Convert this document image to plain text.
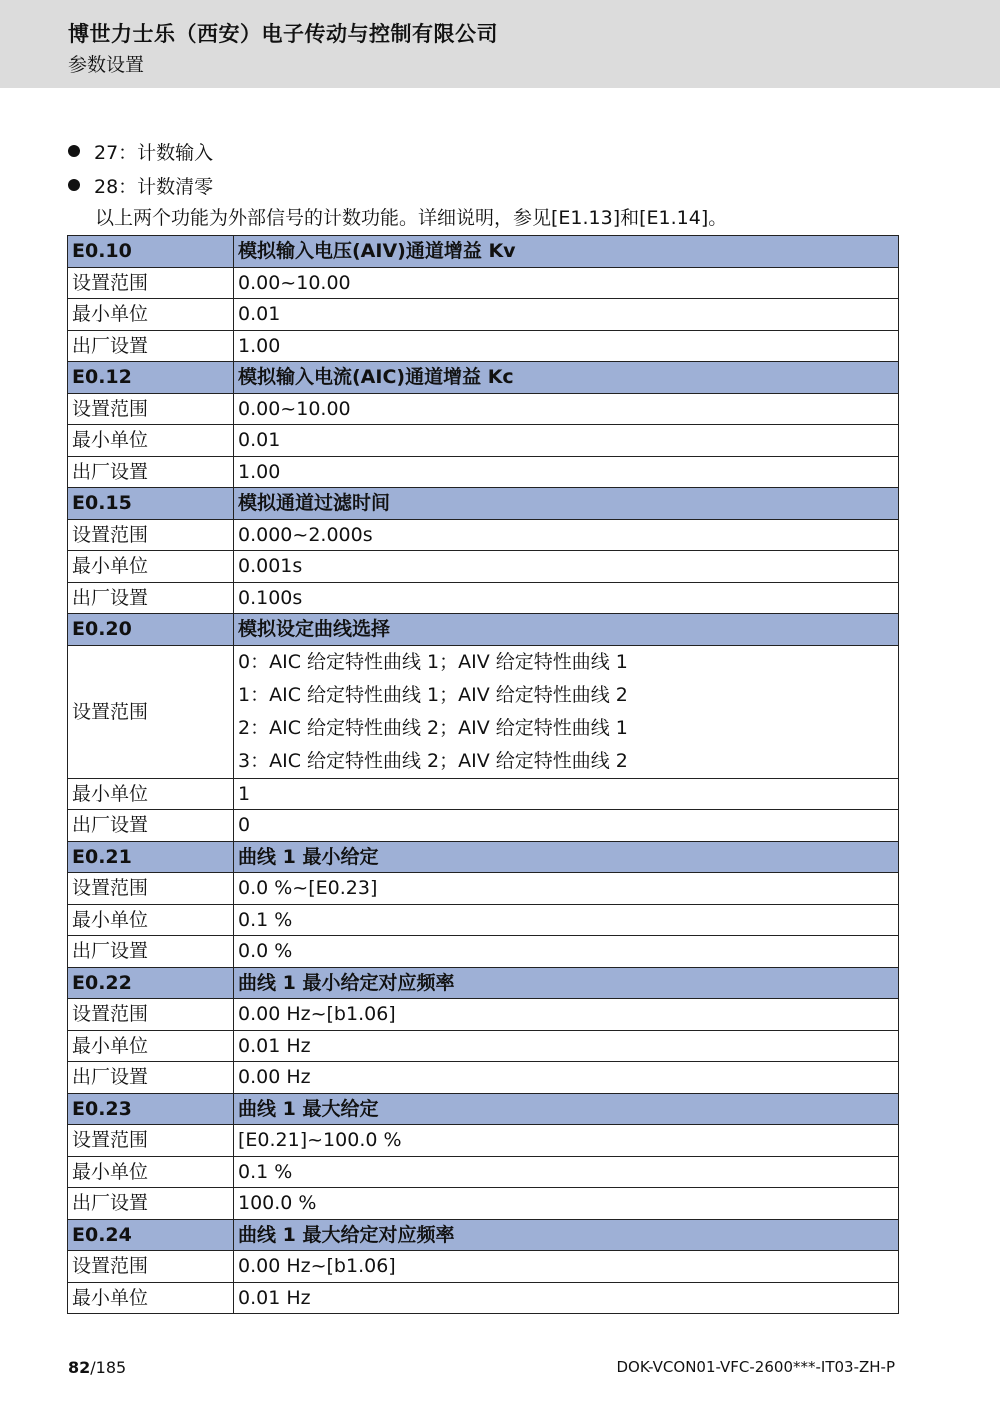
博世力士乐（西安）电子传动与控制有限公司
参数设置
27：计数输入
28：计数清零
以上两个功能为外部信号的计数功能。详细说明，参见[E1.13]和[E1.14]。
E0.10	模拟输入电压(AIV)通道增益 Kv
设置范围	0.00~10.00
最小单位	0.01
出厂设置	1.00
E0.12	模拟输入电流(AIC)通道增益 Kc
设置范围	0.00~10.00
最小单位	0.01
出厂设置	1.00
E0.15	模拟通道过滤时间
设置范围	0.000~2.000s
最小单位	0.001s
出厂设置	0.100s
E0.20	模拟设定曲线选择
设置范围	0：AIC 给定特性曲线 1；AIV 给定特性曲线 1
1：AIC 给定特性曲线 1；AIV 给定特性曲线 2
2：AIC 给定特性曲线 2；AIV 给定特性曲线 1
3：AIC 给定特性曲线 2；AIV 给定特性曲线 2

最小单位	1
出厂设置	0
E0.21	曲线 1 最小给定
设置范围	0.0 %~[E0.23]
最小单位	0.1 %
出厂设置	0.0 %
E0.22	曲线 1 最小给定对应频率
设置范围	0.00 Hz~[b1.06]
最小单位	0.01 Hz
出厂设置	0.00 Hz
E0.23	曲线 1 最大给定
设置范围	[E0.21]~100.0 %
最小单位	0.1 %
出厂设置	100.0 %
E0.24	曲线 1 最大给定对应频率
设置范围	0.00 Hz~[b1.06]
最小单位	0.01 Hz
82/185	DOK-VCON01-VFC-2600***-IT03-ZH-P
